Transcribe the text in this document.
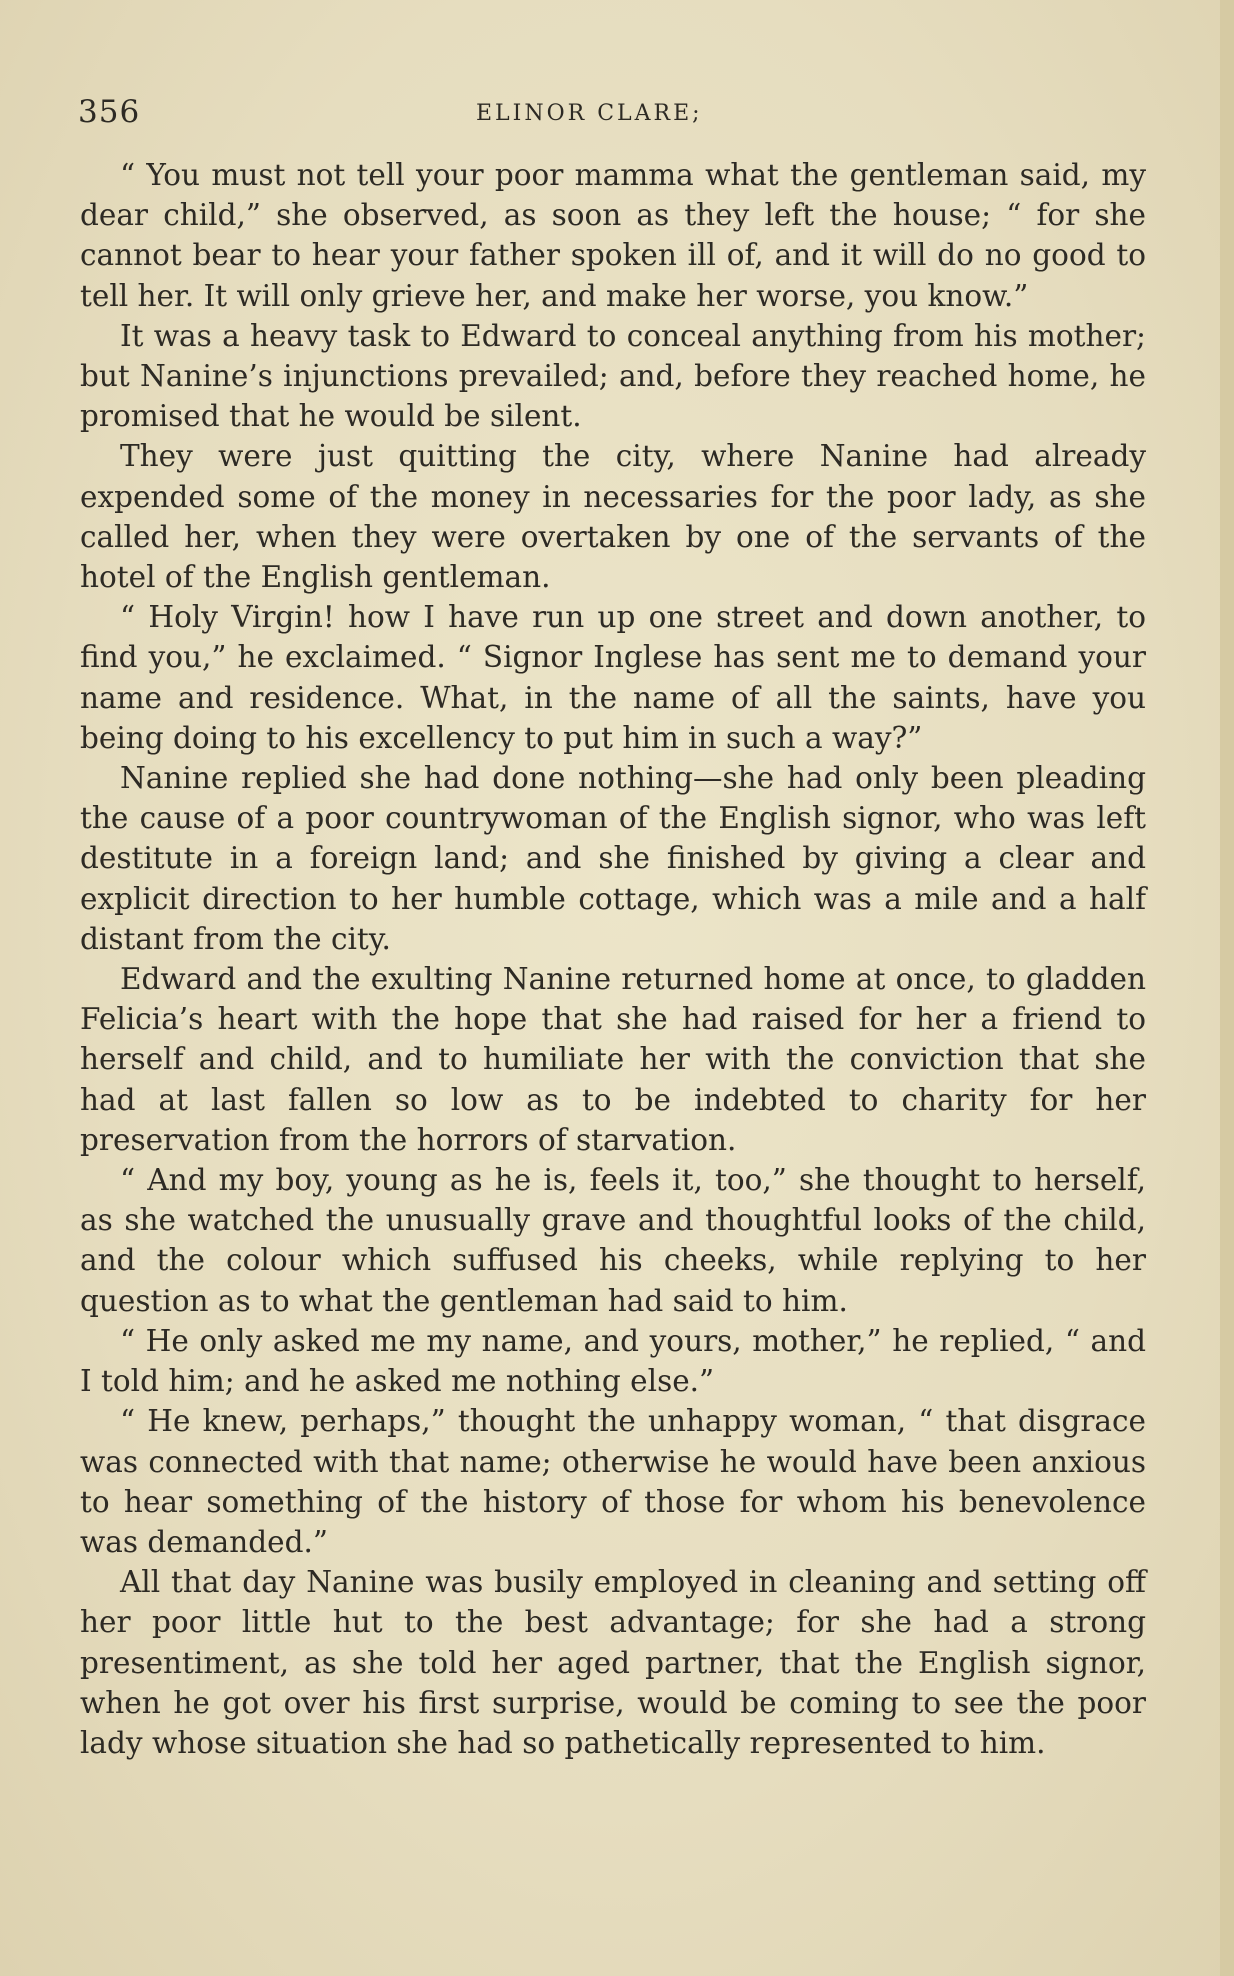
356	ELINOR CLARE;

“ You must not tell your poor mamma what the gentleman said, my dear child,” she observed, as soon as they left the house; “ for she cannot bear to hear your father spoken ill of, and it will do no good to tell her. It will only grieve her, and make her worse, you know.”

It was a heavy task to Edward to conceal anything from his mother; but Nanine’s injunctions prevailed; and, before they reached home, he promised that he would be silent.

They were just quitting the city, where Nanine had already expended some of the money in necessaries for the poor lady, as she called her, when they were overtaken by one of the servants of the hotel of the English gentleman.

“ Holy Virgin! how I have run up one street and down another, to find you,” he exclaimed. “ Signor Inglese has sent me to demand your name and residence. What, in the name of all the saints, have you being doing to his excellency to put him in such a way?”

Nanine replied she had done nothing—she had only been pleading the cause of a poor countrywoman of the English signor, who was left destitute in a foreign land; and she finished by giving a clear and explicit direction to her humble cottage, which was a mile and a half distant from the city.

Edward and the exulting Nanine returned home at once, to gladden Felicia’s heart with the hope that she had raised for her a friend to herself and child, and to humiliate her with the conviction that she had at last fallen so low as to be indebted to charity for her preservation from the horrors of starvation.

“ And my boy, young as he is, feels it, too,” she thought to herself, as she watched the unusually grave and thoughtful looks of the child, and the colour which suffused his cheeks, while replying to her question as to what the gentleman had said to him.

“ He only asked me my name, and yours, mother,” he replied, “ and I told him; and he asked me nothing else.”

“ He knew, perhaps,” thought the unhappy woman, “ that disgrace was connected with that name; otherwise he would have been anxious to hear something of the history of those for whom his benevolence was demanded.”

All that day Nanine was busily employed in cleaning and setting off her poor little hut to the best advantage; for she had a strong presentiment, as she told her aged partner, that the English signor, when he got over his first surprise, would be coming to see the poor lady whose situation she had so pathetically represented to him.
